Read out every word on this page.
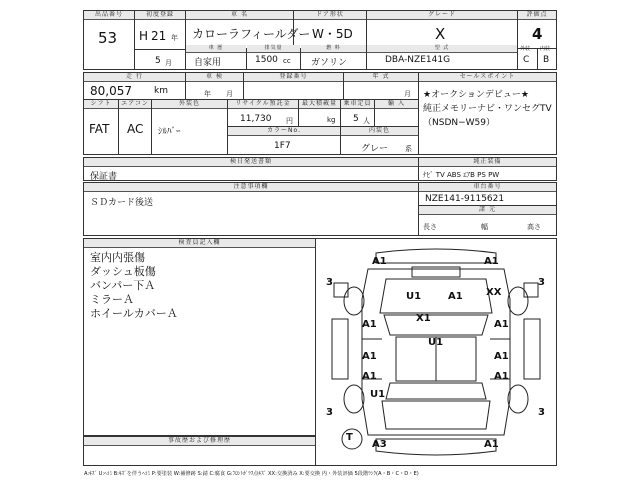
出品番号
53
初度登録
H 21 年
5 月
車 名
カローラフィールダー
ドア形状
W・5D
グレード
X
評価点
4
車 歴
自家用
排気量
1500 cc
燃 料
ガソリン
型 式
DBA-NZE141G
外装 内装
C B
走 行
80,057 km
車 検
年 月
登録番号	年 式
月
セールスポイント
★オークションデビュー★
純正メモリーナビ・ワンセグTV
（NSDN−W59）
シフト
FAT
エアコン
AC
外装色
ｼﾙﾊﾞｰ
リサイクル預託金
11,730 円
最大積載量
kg
乗車定員
5 人
輸 入
カラーNo.
1F7
内装色
グレー 系
検日発送書類
保証書
純正装備
ﾅﾋﾞ TV ABS ｴｱB PS PW
注意事項欄
ＳＤカード後送
車台番号
NZE141-9115621
諸 元
長さ	幅	高さ
検査員記入欄
室内内張傷
ダッシュ板傷
バンパー下Ａ
ミラーＡ
ホイールカバーＡ
事故歴および修理歴
A1	A1
3	3
U1	A1 XX
A1	A1
X1
U1
A1	A1
A1	A1
U1
3	3
T
A3	A1
A:ｷｽﾞ U:ﾍｺﾐ B:ｷｽﾞを伴うﾍｺﾐ P:要塗装 W:補修跡 S:錆 C:腐食 G:ﾌﾛﾝﾄｶﾞﾗｽ点ｷｽﾞ XX:交換済み X:要交換 内・外装評価 5段階ﾗﾝｸ(A・B・C・D・E)
